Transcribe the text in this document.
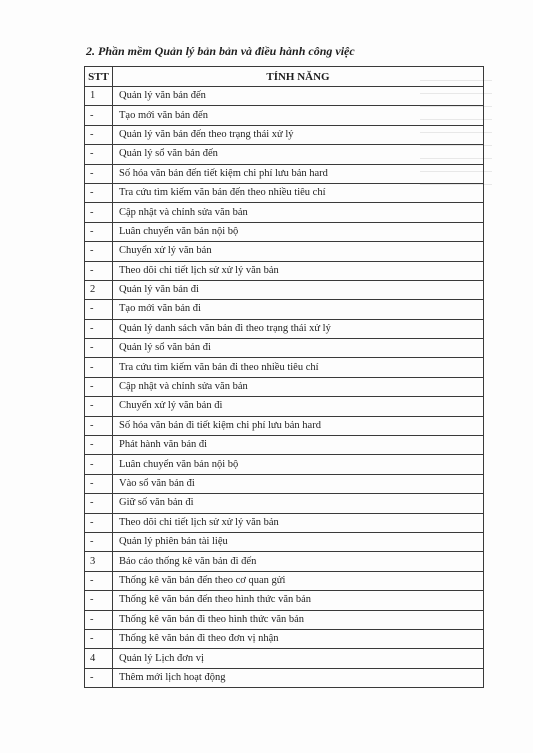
2. Phần mềm Quản lý bản bản và điều hành công việc
STT	TÍNH NĂNG
1	Quản lý văn bản đến
-	Tạo mới văn bản đến
-	Quản lý văn bản đến theo trạng thái xử lý
-	Quản lý sổ văn bản đến
-	Số hóa văn bản đến tiết kiệm chi phí lưu bản hard
-	Tra cứu tìm kiếm văn bản đến theo nhiều tiêu chí
-	Cập nhật và chỉnh sửa văn bản
-	Luân chuyển văn bản nội bộ
-	Chuyển xử lý văn bản
-	Theo dõi chi tiết lịch sử xử lý văn bản
2	Quản lý văn bản đi
-	Tạo mới văn bản đi
-	Quản lý danh sách văn bản đi theo trạng thái xử lý
-	Quản lý sổ văn bản đi
-	Tra cứu tìm kiếm văn bản đi theo nhiều tiêu chí
-	Cập nhật và chỉnh sửa văn bản
-	Chuyển xử lý văn bản đi
-	Số hóa văn bản đi tiết kiệm chi phí lưu bản hard
-	Phát hành văn bản đi
-	Luân chuyển văn bản nội bộ
-	Vào sổ văn bản đi
-	Giữ số văn bản đi
-	Theo dõi chi tiết lịch sử xử lý văn bản
-	Quản lý phiên bản tài liệu
3	Báo cáo thống kê văn bản đi đến
-	Thống kê văn bản đến theo cơ quan gửi
-	Thống kê văn bản đến theo hình thức văn bản
-	Thống kê văn bản đi theo hình thức văn bản
-	Thống kê văn bản đi theo đơn vị nhận
4	Quản lý Lịch đơn vị
-	Thêm mới lịch hoạt động
